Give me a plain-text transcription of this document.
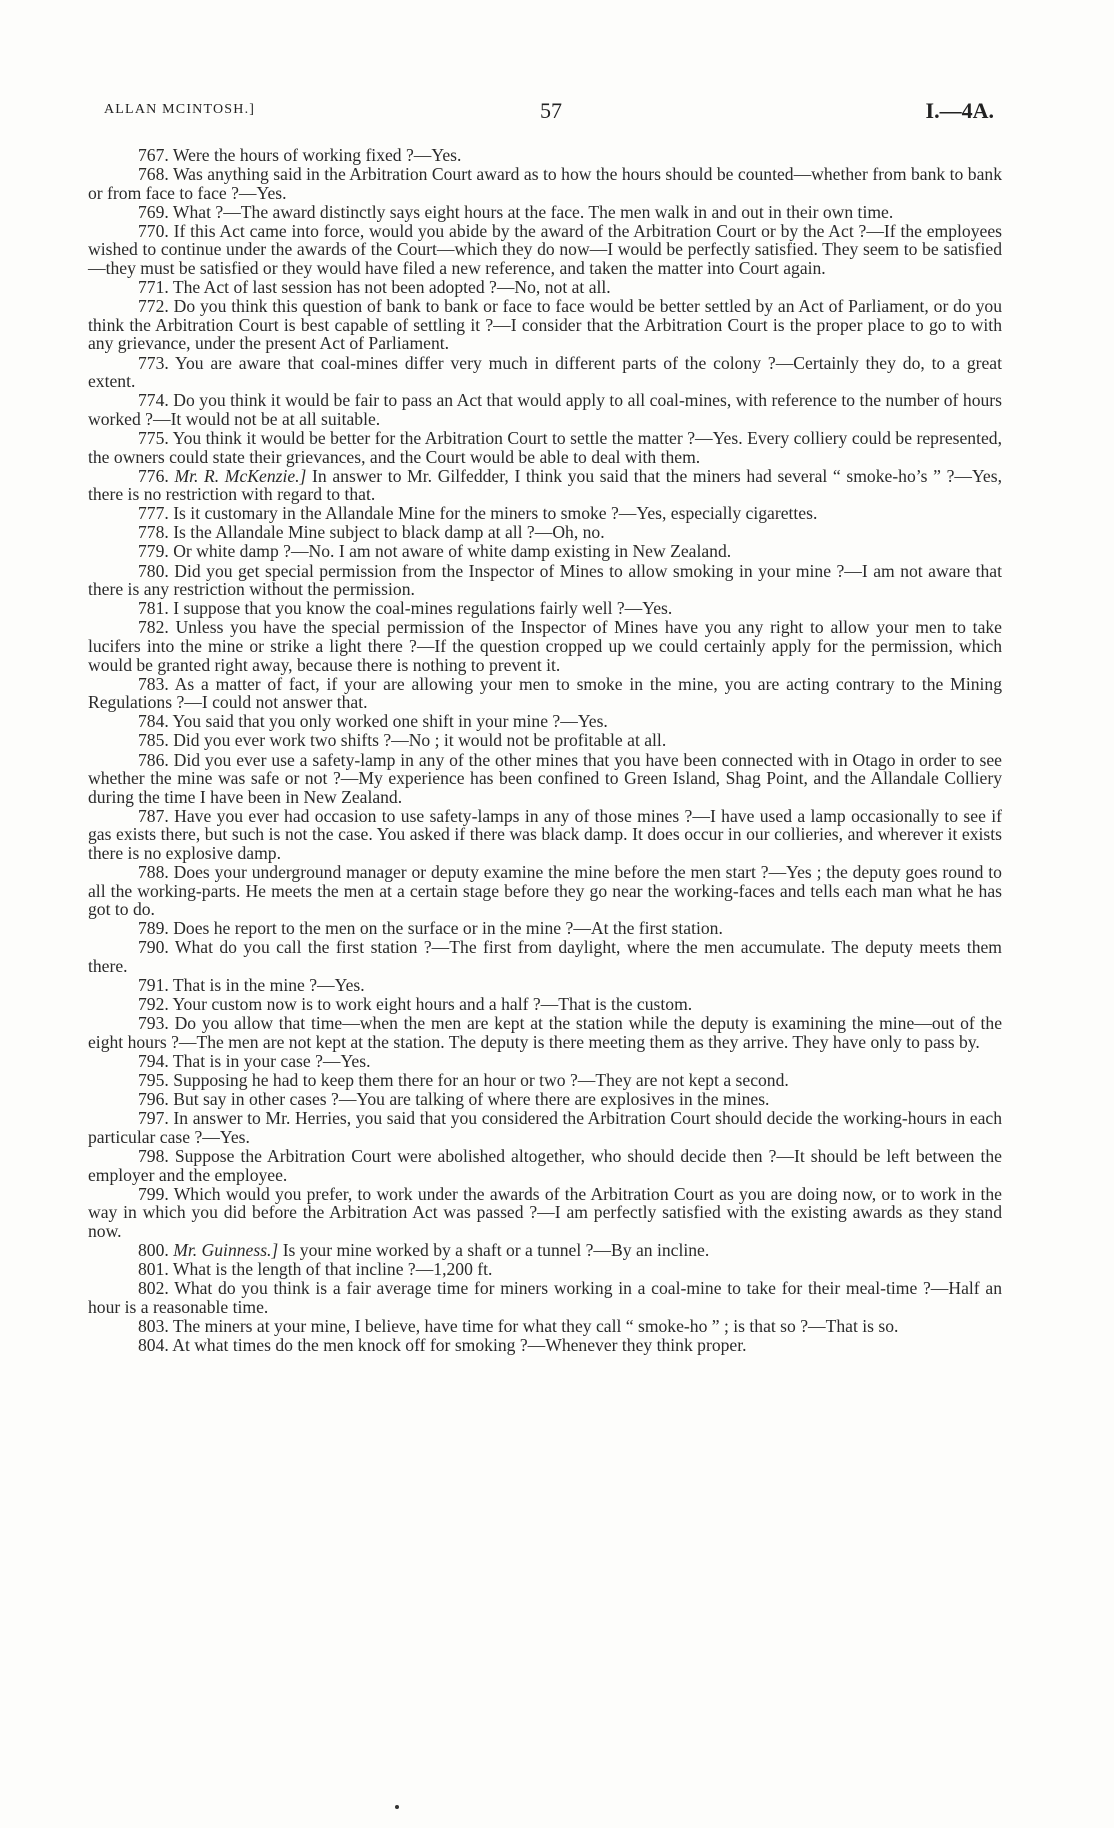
ALLAN MCINTOSH.]	57	I.—4A.

767. Were the hours of working fixed ?—Yes.

768. Was anything said in the Arbitration Court award as to how the hours should be counted—whether from bank to bank or from face to face ?—Yes.

769. What ?—The award distinctly says eight hours at the face. The men walk in and out in their own time.

770. If this Act came into force, would you abide by the award of the Arbitration Court or by the Act ?—If the employees wished to continue under the awards of the Court—which they do now—I would be perfectly satisfied. They seem to be satisfied—they must be satisfied or they would have filed a new reference, and taken the matter into Court again.

771. The Act of last session has not been adopted ?—No, not at all.

772. Do you think this question of bank to bank or face to face would be better settled by an Act of Parliament, or do you think the Arbitration Court is best capable of settling it ?—I consider that the Arbitration Court is the proper place to go to with any grievance, under the present Act of Parliament.

773. You are aware that coal-mines differ very much in different parts of the colony ?—Certainly they do, to a great extent.

774. Do you think it would be fair to pass an Act that would apply to all coal-mines, with reference to the number of hours worked ?—It would not be at all suitable.

775. You think it would be better for the Arbitration Court to settle the matter ?—Yes. Every colliery could be represented, the owners could state their grievances, and the Court would be able to deal with them.

776. Mr. R. McKenzie.] In answer to Mr. Gilfedder, I think you said that the miners had several “ smoke-ho’s ” ?—Yes, there is no restriction with regard to that.

777. Is it customary in the Allandale Mine for the miners to smoke ?—Yes, especially cigarettes.

778. Is the Allandale Mine subject to black damp at all ?—Oh, no.

779. Or white damp ?—No. I am not aware of white damp existing in New Zealand.

780. Did you get special permission from the Inspector of Mines to allow smoking in your mine ?—I am not aware that there is any restriction without the permission.

781. I suppose that you know the coal-mines regulations fairly well ?—Yes.

782. Unless you have the special permission of the Inspector of Mines have you any right to allow your men to take lucifers into the mine or strike a light there ?—If the question cropped up we could certainly apply for the permission, which would be granted right away, because there is nothing to prevent it.

783. As a matter of fact, if your are allowing your men to smoke in the mine, you are acting contrary to the Mining Regulations ?—I could not answer that.

784. You said that you only worked one shift in your mine ?—Yes.

785. Did you ever work two shifts ?—No ; it would not be profitable at all.

786. Did you ever use a safety-lamp in any of the other mines that you have been connected with in Otago in order to see whether the mine was safe or not ?—My experience has been confined to Green Island, Shag Point, and the Allandale Colliery during the time I have been in New Zealand.

787. Have you ever had occasion to use safety-lamps in any of those mines ?—I have used a lamp occasionally to see if gas exists there, but such is not the case. You asked if there was black damp. It does occur in our collieries, and wherever it exists there is no explosive damp.

788. Does your underground manager or deputy examine the mine before the men start ?—Yes ; the deputy goes round to all the working-parts. He meets the men at a certain stage before they go near the working-faces and tells each man what he has got to do.

789. Does he report to the men on the surface or in the mine ?—At the first station.

790. What do you call the first station ?—The first from daylight, where the men accumulate. The deputy meets them there.

791. That is in the mine ?—Yes.

792. Your custom now is to work eight hours and a half ?—That is the custom.

793. Do you allow that time—when the men are kept at the station while the deputy is examining the mine—out of the eight hours ?—The men are not kept at the station. The deputy is there meeting them as they arrive. They have only to pass by.

794. That is in your case ?—Yes.

795. Supposing he had to keep them there for an hour or two ?—They are not kept a second.

796. But say in other cases ?—You are talking of where there are explosives in the mines.

797. In answer to Mr. Herries, you said that you considered the Arbitration Court should decide the working-hours in each particular case ?—Yes.

798. Suppose the Arbitration Court were abolished altogether, who should decide then ?—It should be left between the employer and the employee.

799. Which would you prefer, to work under the awards of the Arbitration Court as you are doing now, or to work in the way in which you did before the Arbitration Act was passed ?—I am perfectly satisfied with the existing awards as they stand now.

800. Mr. Guinness.] Is your mine worked by a shaft or a tunnel ?—By an incline.

801. What is the length of that incline ?—1,200 ft.

802. What do you think is a fair average time for miners working in a coal-mine to take for their meal-time ?—Half an hour is a reasonable time.

803. The miners at your mine, I believe, have time for what they call “ smoke-ho ” ; is that so ?—That is so.

804. At what times do the men knock off for smoking ?—Whenever they think proper.
